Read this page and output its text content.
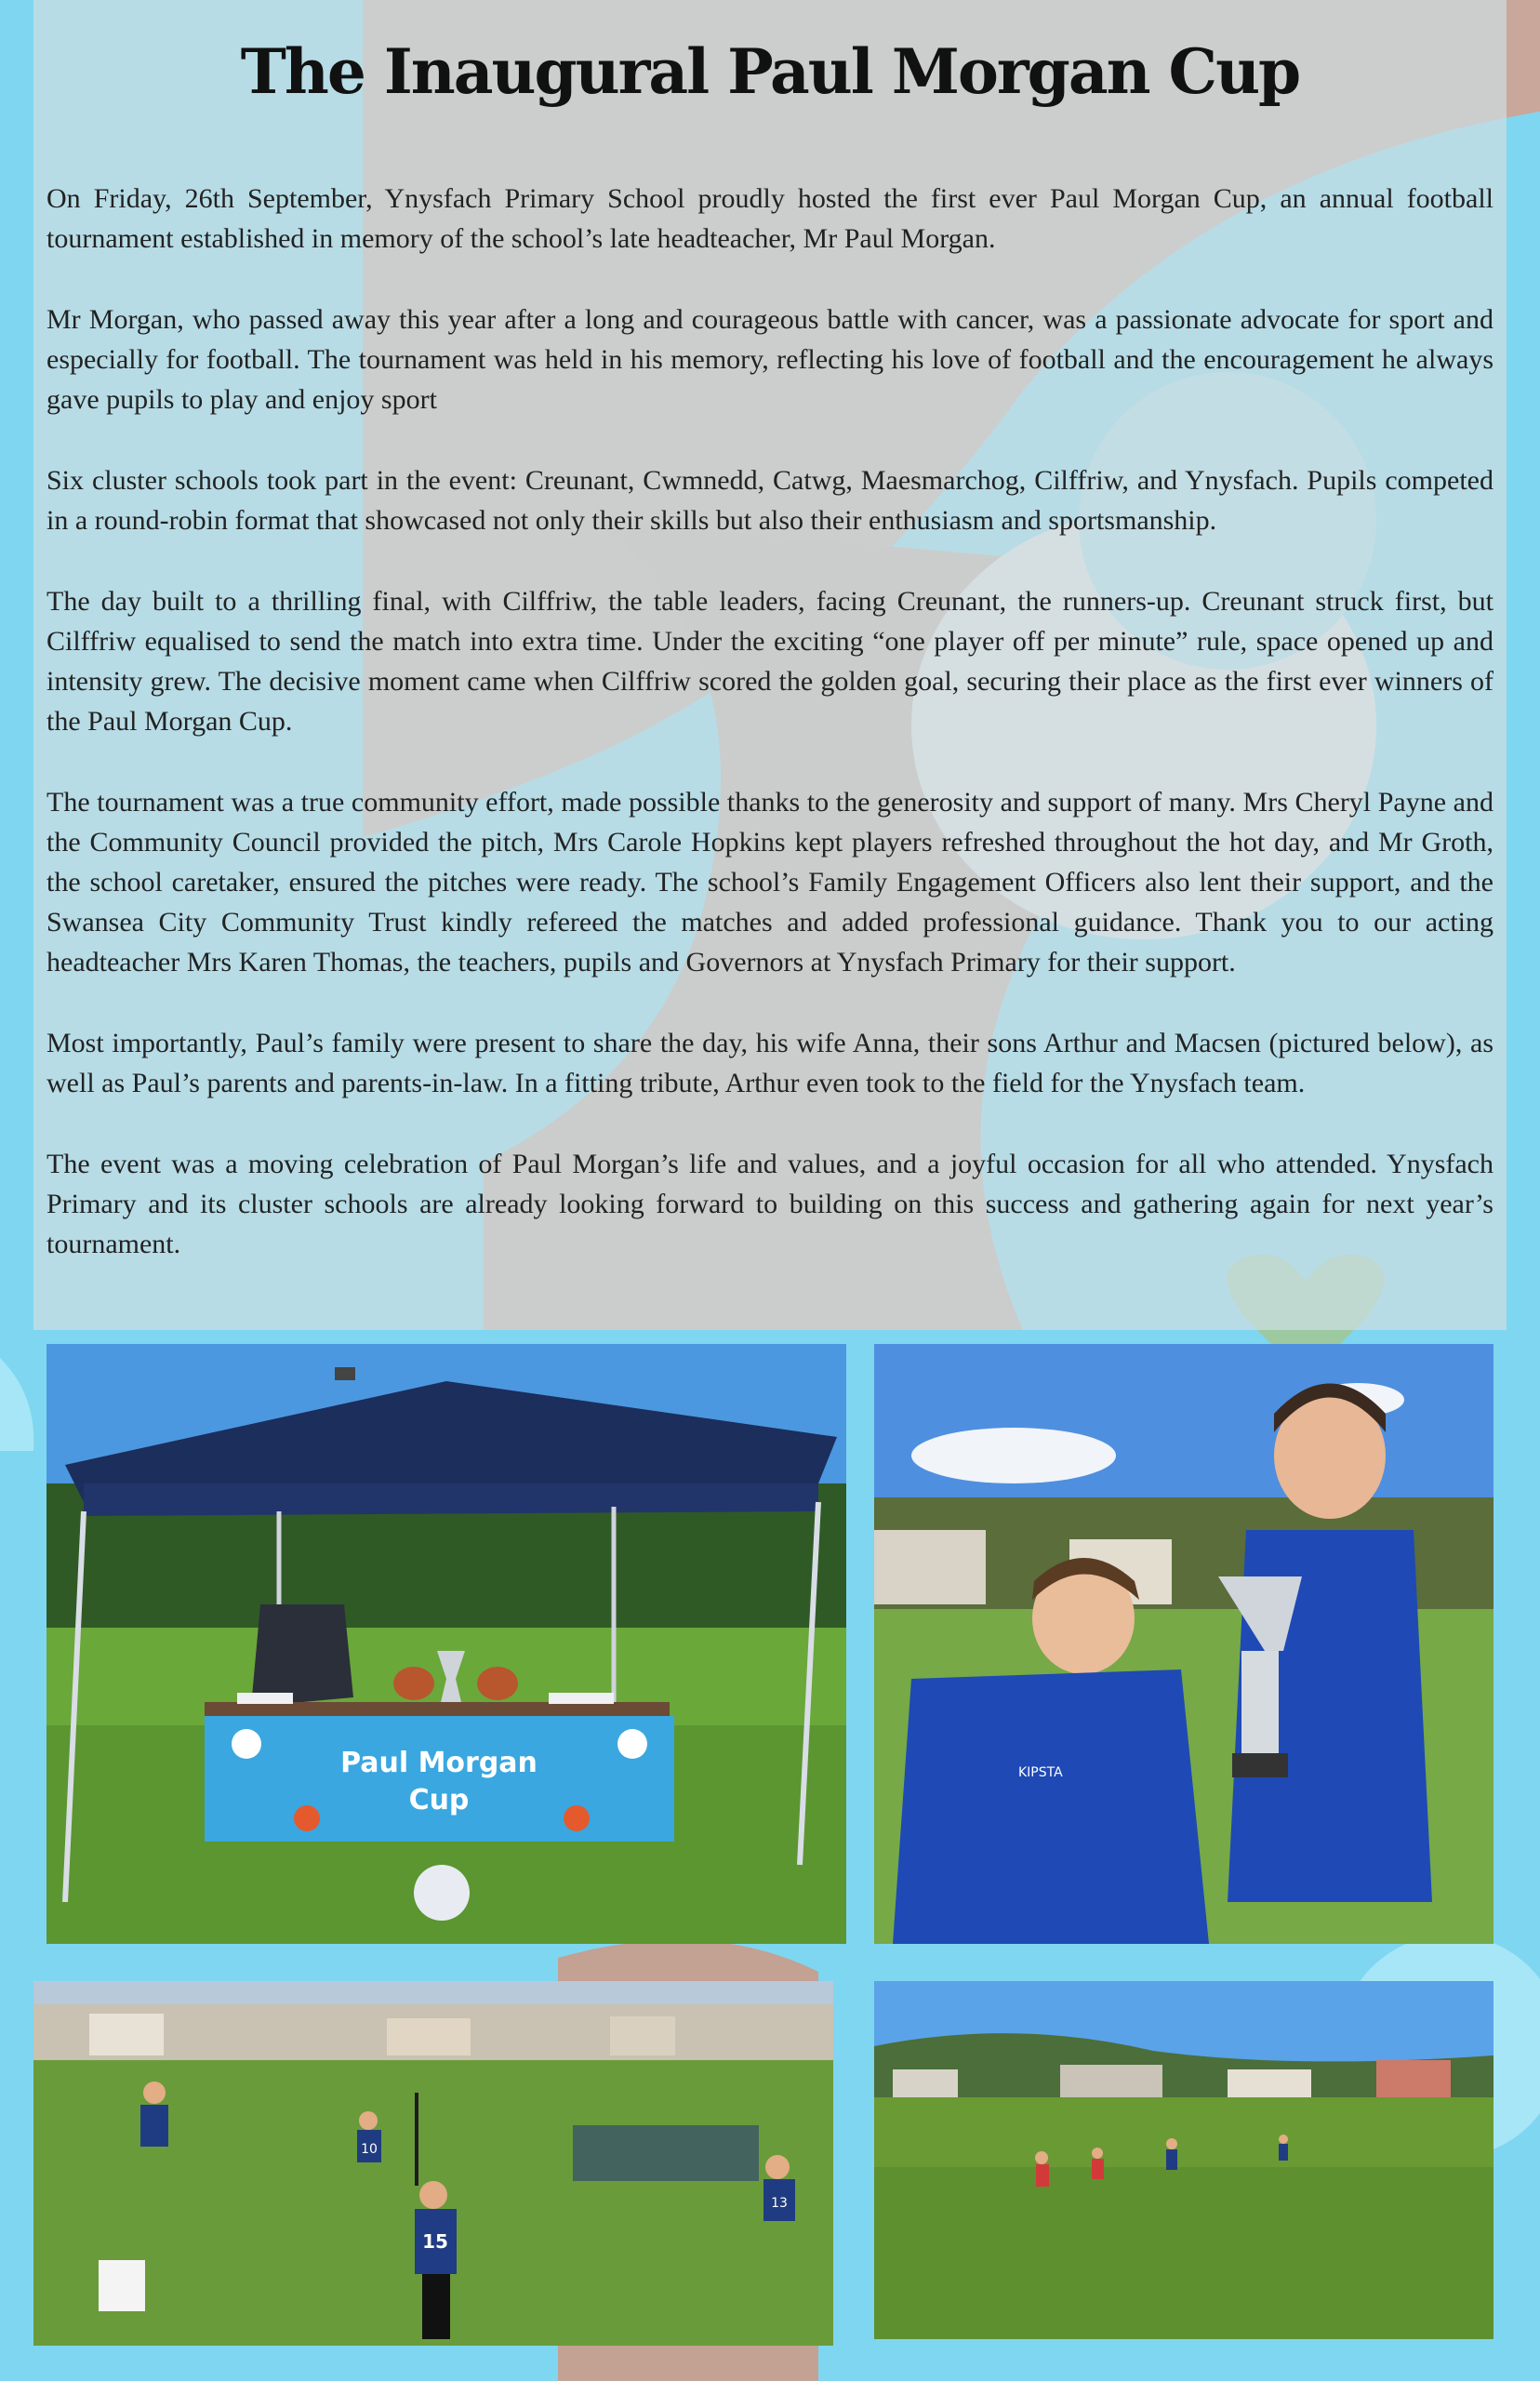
The Inaugural Paul Morgan Cup

On Friday, 26th September, Ynysfach Primary School proudly hosted the first ever Paul Morgan Cup, an annual football tournament established in memory of the school’s late headteacher, Mr Paul Morgan.

Mr Morgan, who passed away this year after a long and courageous battle with cancer, was a passionate advocate for sport and especially for football. The tournament was held in his memory, reflecting his love of football and the encouragement he always gave pupils to play and enjoy sport

Six cluster schools took part in the event: Creunant, Cwmnedd, Catwg, Maesmarchog, Cilffriw, and Ynysfach. Pupils competed in a round-robin format that showcased not only their skills but also their enthusiasm and sportsmanship.

The day built to a thrilling final, with Cilffriw, the table leaders, facing Creunant, the runners-up. Creunant struck first, but Cilffriw equalised to send the match into extra time. Under the exciting “one player off per minute” rule, space opened up and intensity grew. The decisive moment came when Cilffriw scored the golden goal, securing their place as the first ever winners of the Paul Morgan Cup.

The tournament was a true community effort, made possible thanks to the generosity and support of many. Mrs Cheryl Payne and the Community Council provided the pitch, Mrs Carole Hopkins kept players refreshed throughout the hot day, and Mr Groth, the school caretaker, ensured the pitches were ready. The school’s Family Engagement Officers also lent their support, and the Swansea City Community Trust kindly refereed the matches and added professional guidance. Thank you to our acting headteacher Mrs Karen Thomas, the teachers, pupils and Governors at Ynysfach Primary for their support.

Most importantly, Paul’s family were present to share the day, his wife Anna, their sons Arthur and Macsen (pictured below), as well as Paul’s parents and parents-in-law. In a fitting tribute, Arthur even took to the field for the Ynysfach team.

The event was a moving celebration of Paul Morgan’s life and values, and a joyful occasion for all who attended. Ynysfach Primary and its cluster schools are already looking forward to building on this success and gathering again for next year’s tournament.

Paul Morgan
Cup
KIPSTA
15
10
13
